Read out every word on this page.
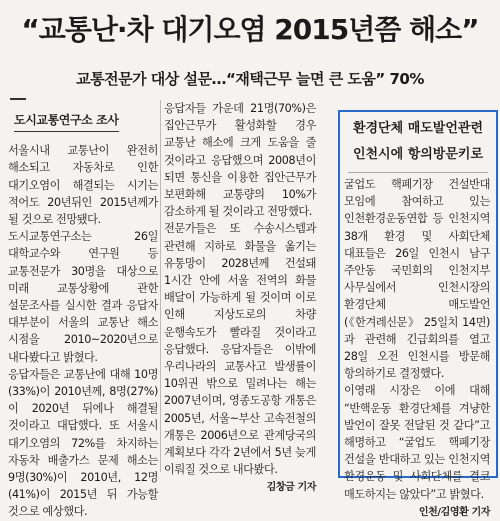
“교통난·차 대기오염 2015년쯤 해소”
교통전문가 대상 설문…“재택근무 늘면 큰 도움” 70%
도시교통연구소 조사

서울시내 교통난이 완전히 해소되고 자동차로 인한 대기오염이 해결되는 시기는 적어도 20년뒤인 2015년께가 될 것으로 전망됐다.

도시교통연구소는 26일 대학교수와 연구원 등 교통전문가 30명을 대상으로 미래 교통상황에 관한 설문조사를 실시한 결과 응답자 대부분이 서울의 교통난 해소 시점을 2010~2020년으로 내다봤다고 밝혔다.

응답자들은 교통난에 대해 10명(33%)이 2010년께, 8명(27%)이 2020년 뒤에나 해결될 것이라고 대답했다. 또 서울시 대기오염의 72%를 차지하는 자동차 배출가스 문제 해소는 9명(30%)이 2010년, 12명(41%)이 2015년 뒤 가능할 것으로 예상했다.

응답자들 가운데 21명(70%)은 집안근무가 활성화할 경우 교통난 해소에 크게 도움을 줄 것이라고 응답했으며 2008년이 되면 통신을 이용한 집안근무가 보편화해 교통량의 10%가 감소하게 될 것이라고 전망했다.

전문가들은 또 수송시스템과 관련해 지하로 화물을 옮기는 유통망이 2028년께 건설돼 1시간 안에 서울 전역의 화물 배달이 가능하게 될 것이며 이로 인해 지상도로의 차량 운행속도가 빨라질 것이라고 응답했다. 응답자들은 이밖에 우리나라의 교통사고 발생률이 10위권 밖으로 밀려나는 해는 2007년이며, 영종도공항 개통은 2005년, 서울~부산 고속전철의 개통은 2006년으로 관계당국의 계획보다 각각 2년에서 5년 늦게 이뤄질 것으로 내다봤다.

김창금 기자
환경단체 매도발언관련
인천시에 항의방문키로

굴업도 핵폐기장 건설반대 모임에 참여하고 있는 인천환경운동연합 등 인천지역 38개 환경 및 사회단체 대표들은 26일 인천시 남구 주안동 국민회의 인천지부 사무실에서 인천시장의 환경단체 매도발언(《한겨레신문》 25일치 14면)과 관련해 긴급회의를 열고 28일 오전 인천시를 방문해 항의하기로 결정했다.

이영래 시장은 이에 대해 “반핵운동 환경단체를 겨냥한 발언이 잘못 전달된 것 같다”고 해명하고 “굴업도 핵폐기장 건설을 반대하고 있는 인천지역 환경운동 및 사회단체를 결코 매도하지는 않았다”고 밝혔다.

인천/김영환 기자
